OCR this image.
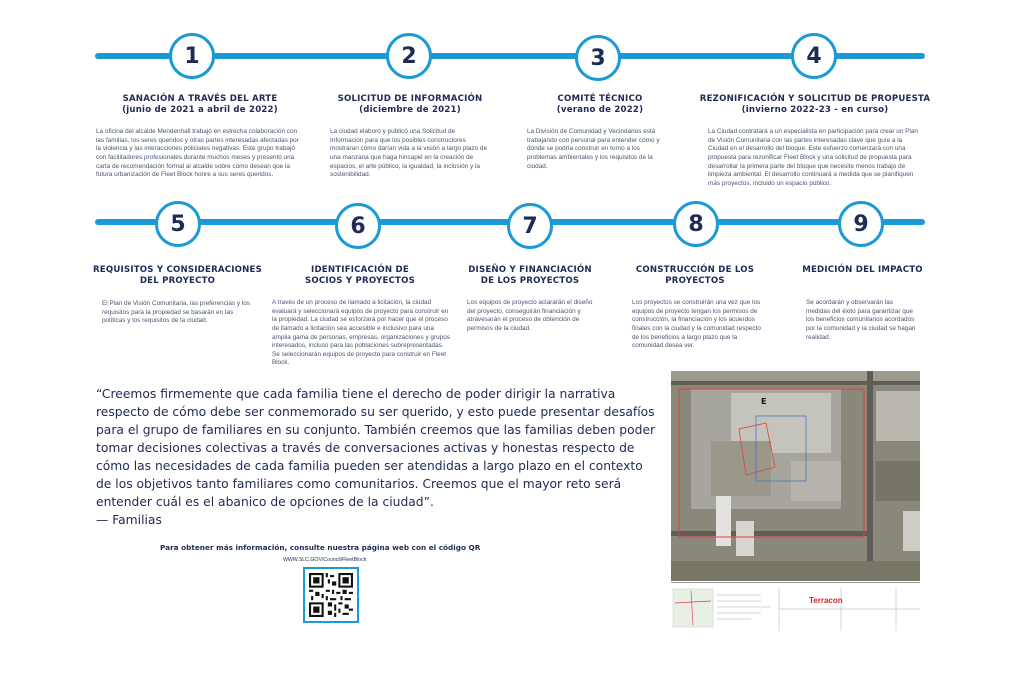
1	2	3	4
5	6	7	8	9
SANACIÓN A TRAVÉS DEL ARTE
(junio de 2021 a abril de 2022)
SOLICITUD DE INFORMACIÓN
(diciembre de 2021)
COMITÉ TÉCNICO
(verano de 2022)
REZONIFICACIÓN Y SOLICITUD DE PROPUESTA
(invierno 2022-23 - en curso)
La oficina del alcalde Mendenhall trabajó en estrecha colaboración con las familias, los seres queridos y otras partes interesadas afectadas por la violencia y las interacciones policiales negativas. Este grupo trabajó con facilitadores profesionales durante muchos meses y presentó una carta de recomendación formal al alcalde sobre cómo desean que la futura urbanización de Fleet Block honre a sus seres queridos.
La ciudad elaboró y publicó una Solicitud de Información para que los posibles constructores mostraran cómo darían vida a la visión a largo plazo de una manzana que haga hincapié en la creación de espacios, el arte público, la igualdad, la inclusión y la sostenibilidad.
La División de Comunidad y Vecindarios está trabajando con personal para entender cómo y dónde se podría construir en torno a los problemas ambientales y los requisitos de la ciudad.
La Ciudad contratará a un especialista en participación para crear un Plan de Visión Comunitaria con las partes interesadas clave que guíe a la Ciudad en el desarrollo del bloque. Este esfuerzo comenzará con una propuesta para rezonificar Fleet Block y una solicitud de propuesta para desarrollar la primera parte del bloque que necesite menos trabajo de limpieza ambiental. El desarrollo continuará a medida que se planifiquen más proyectos, incluido un espacio público.
REQUISITOS Y CONSIDERACIONES
DEL PROYECTO
IDENTIFICACIÓN DE
SOCIOS Y PROYECTOS
DISEÑO Y FINANCIACIÓN
DE LOS PROYECTOS
CONSTRUCCIÓN DE LOS
PROYECTOS
MEDICIÓN DEL IMPACTO
El Plan de Visión Comunitaria, las preferencias y los requisitos para la propiedad se basarán en las políticas y los requisitos de la ciudad.
A través de un proceso de llamado a licitación, la ciudad evaluará y seleccionará equipos de proyecto para construir en la propiedad. La ciudad se esforzará por hacer que el proceso de llamado a licitación sea accesible e inclusivo para una amplia gama de personas, empresas, organizaciones y grupos interesados, incluso para las poblaciones subrepresentadas. Se seleccionarán equipos de proyecto para construir en Fleet Block.
Los equipos de proyecto aclararán el diseño del proyecto, conseguirán financiación y atravesarán el proceso de obtención de permisos de la ciudad.
Los proyectos se construirán una vez que los equipos de proyecto tengan los permisos de construcción, la financiación y los acuerdos finales con la ciudad y la comunidad respecto de los beneficios a largo plazo que la comunidad desea ver.
Se acordarán y observarán las medidas del éxito para garantizar que los beneficios comunitarios acordados por la comunidad y la ciudad se hagan realidad.
“Creemos firmemente que cada familia tiene el derecho de poder dirigir la narrativa respecto de cómo debe ser conmemorado su ser querido, y esto puede presentar desafíos para el grupo de familiares en su conjunto. También creemos que las familias deben poder tomar decisiones colectivas a través de conversaciones activas y honestas respecto de cómo las necesidades de cada familia pueden ser atendidas a largo plazo en el contexto de los objetivos tanto familiares como comunitarios. Creemos que el mayor reto será entender cuál es el abanico de opciones de la ciudad”.
— Familias
Para obtener más información, consulte nuestra página web con el código QR
WWW.SLC.GOV/Council/FleetBlock
E
Terracon
